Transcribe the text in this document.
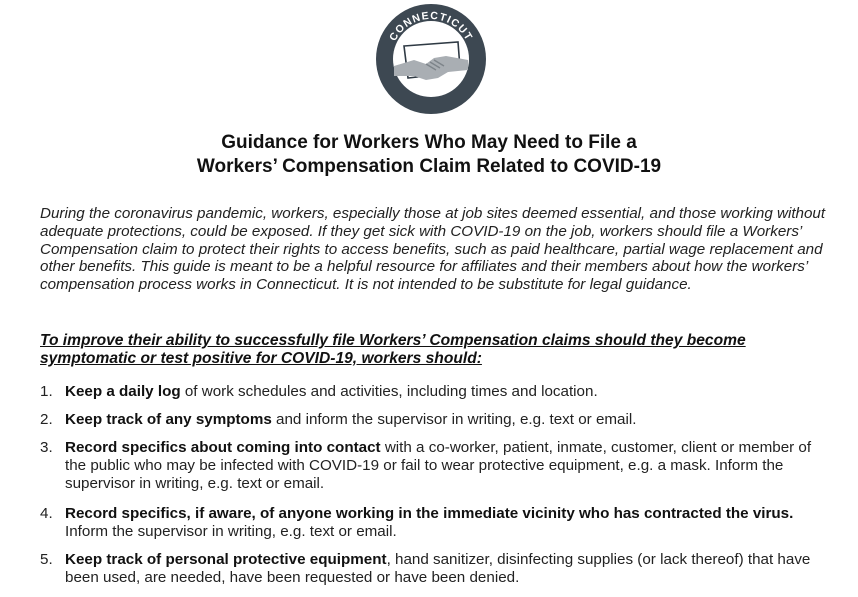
CONNECTICUT
AFL-CIO
Guidance for Workers Who May Need to File a
Workers’ Compensation Claim Related to COVID-19

During the coronavirus pandemic, workers, especially those at job sites deemed essential, and those working without adequate protections, could be exposed. If they get sick with COVID-19 on the job, workers should file a Workers’ Compensation claim to protect their rights to access benefits, such as paid healthcare, partial wage replacement and other benefits. This guide is meant to be a helpful resource for affiliates and their members about how the workers’ compensation process works in Connecticut. It is not intended to be substitute for legal guidance.

To improve their ability to successfully file Workers’ Compensation claims should they become symptomatic or test positive for COVID-19, workers should:

1. Keep a daily log of work schedules and activities, including times and location.
2. Keep track of any symptoms and inform the supervisor in writing, e.g. text or email.
3. Record specifics about coming into contact with a co-worker, patient, inmate, customer, client or member of the public who may be infected with COVID-19 or fail to wear protective equipment, e.g. a mask. Inform the supervisor in writing, e.g. text or email.
4. Record specifics, if aware, of anyone working in the immediate vicinity who has contracted the virus. Inform the supervisor in writing, e.g. text or email.
5. Keep track of personal protective equipment, hand sanitizer, disinfecting supplies (or lack thereof) that have been used, are needed, have been requested or have been denied.
